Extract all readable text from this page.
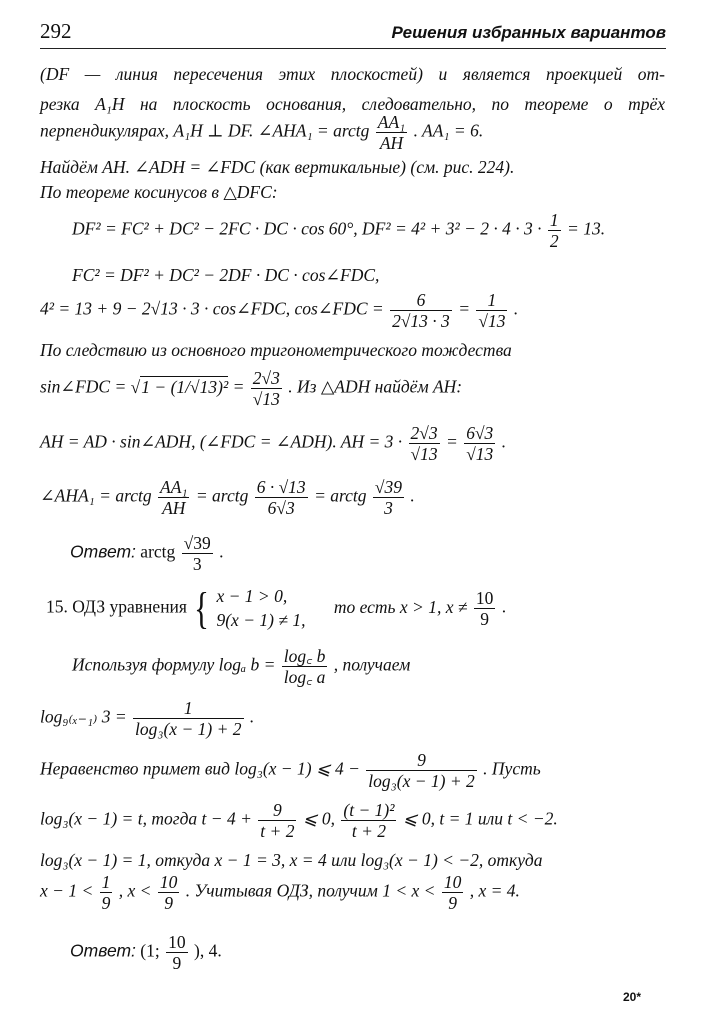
292	Решения избранных вариантов
(DF — линия пересечения этих плоскостей) и является проекцией от-
резка A₁H на плоскость основания, следовательно, по теореме о трёх
перпендикулярах, A₁H ⊥ DF. ∠AHA₁ = arctg $\frac{\text{AA₁}}{AH}$ . AA₁ = 6.
Найдём AH. ∠ADH = ∠FDC (как вертикальные) (см. рис. 224).
По теореме косинусов в △DFC:
DF² = FC² + DC² − 2FC · DC · cos 60°, $DF^2 = 4^2 + 3^2 - 2 \cdot 4 \cdot 3 \cdot \frac{1}{2} = 13$.
FC² = DF² + DC² − 2DF · DC · cos∠FDC,
4² = 13 + 9 − 2√13 · 3 · cos∠FDC, cos∠FDC = $\frac{6}{2√13 \cdot 3} = \frac{1}{√13}$ .
По следствию из основного тригонометрического тождества
sin∠FDC = $√1 - (1/√13)^2 = \frac{2√3}{√13}$ . Из △ADH найдём AH:
AH = AD · sin∠ADH, (∠FDC = ∠ADH). AH = $3 \cdot \frac{2√3}{√13} = \frac{6√3}{√13}$ .
∠AHA₁ = arctg $\frac{\text{AA₁}}{AH}$ = arctg $\frac{6 \cdot √13}{6√3}$ = arctg $\frac{√39}{3}$ .
Ответ: arctg $\frac{√39}{3}$ .
15. ОДЗ уравнения { x − 1 > 0,
9(x − 1) ≠ 1,
то есть x > 1, $x \ne \frac{10}{9}$ .
Используя формулу logₐ $b = \frac{\log꜀ b}{\log꜀ a}$ , получаем
log₉₍ₓ₋₁₎ $3 = \frac{1}{\text{log₃(x − 1) + 2}}$ .
Неравенство примет вид log₃(x − 1) ⩽ $4 - \frac{9}{\text{log₃(x − 1) + 2}}$ . Пусть
log₃(x − 1) = t, тогда $t - 4 + \frac{9}{t + 2}$ ⩽ 0, $\frac{\text{(t − 1)²}}{t + 2}$ ⩽ 0, t = 1 или t < −2.
log₃(x − 1) = 1, откуда x − 1 = 3, x = 4 или log₃(x − 1) < −2, откуда
$x - 1 < \frac{1}{9}$ , $x < \frac{10}{9}$ . Учитывая ОДЗ, получим $1 < x < \frac{10}{9}$ , x = 4.
Ответ: (1; $\frac{10}{9}$ ), 4.
20*
